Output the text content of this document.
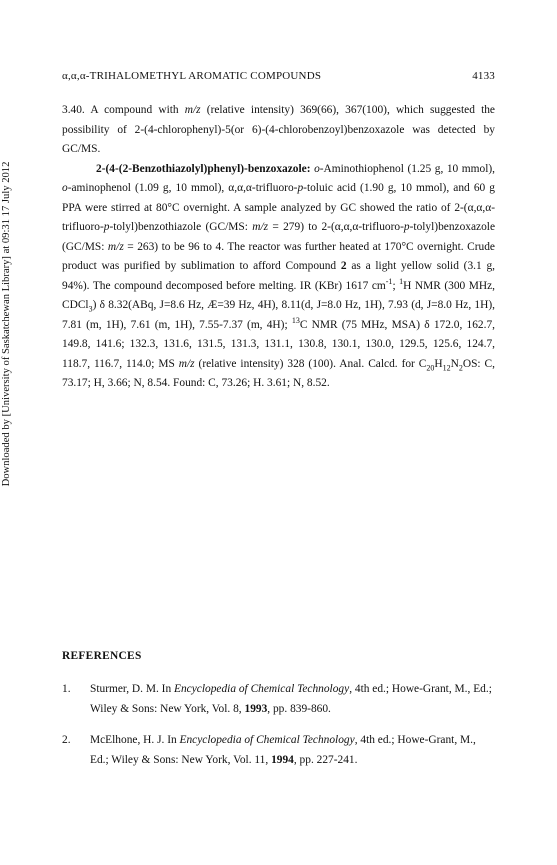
α,α,α-TRIHALOMETHYL AROMATIC COMPOUNDS	4133
Downloaded by [University of Saskatchewan Library] at 09:31 17 July 2012

3.40. A compound with m/z (relative intensity) 369(66), 367(100), which suggested the possibility of 2-(4-chlorophenyl)-5(or 6)-(4-chlorobenzoyl)benzoxazole was detected by GC/MS.

2-(4-(2-Benzothiazolyl)phenyl)-benzoxazole: o-Aminothiophenol (1.25 g, 10 mmol), o-aminophenol (1.09 g, 10 mmol), α,α,α-trifluoro-p-toluic acid (1.90 g, 10 mmol), and 60 g PPA were stirred at 80°C overnight. A sample analyzed by GC showed the ratio of 2-(α,α,α-trifluoro-p-tolyl)benzothiazole (GC/MS: m/z = 279) to 2-(α,α,α-trifluoro-p-tolyl)benzoxazole (GC/MS: m/z = 263) to be 96 to 4. The reactor was further heated at 170°C overnight. Crude product was purified by sublimation to afford Compound 2 as a light yellow solid (3.1 g, 94%). The compound decomposed before melting. IR (KBr) 1617 $cm^{-1}$; $^1$H NMR (300 MHz, CDCl$_3$) δ 8.32(ABq, J=8.6 Hz, Æ=39 Hz, 4H), 8.11(d, J=8.0 Hz, 1H), 7.93 (d, J=8.0 Hz, 1H), 7.81 (m, 1H), 7.61 (m, 1H), 7.55-7.37 (m, 4H); $^{13}$C NMR (75 MHz, MSA) δ 172.0, 162.7, 149.8, 141.6; 132.3, 131.6, 131.5, 131.3, 131.1, 130.8, 130.1, 130.0, 129.5, 125.6, 124.7, 118.7, 116.7, 114.0; MS m/z (relative intensity) 328 (100). Anal. Calcd. for $C_{20}H_{12}N_2OS$: C, 73.17; H, 3.66; N, 8.54. Found: C, 73.26; H. 3.61; N, 8.52.

REFERENCES
1. Sturmer, D. M. In Encyclopedia of Chemical Technology, 4th ed.; Howe-Grant, M., Ed.; Wiley & Sons: New York, Vol. 8, 1993, pp. 839-860.
2. McElhone, H. J. In Encyclopedia of Chemical Technology, 4th ed.; Howe-Grant, M., Ed.; Wiley & Sons: New York, Vol. 11, 1994, pp. 227-241.
